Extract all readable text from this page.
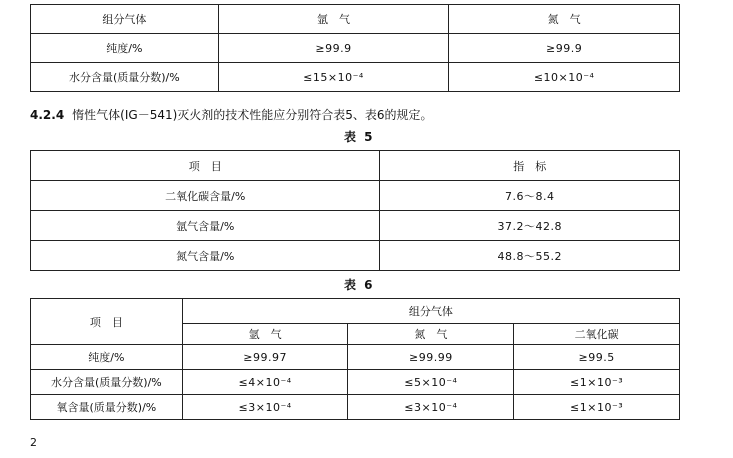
组分气体	氩　气	氮　气
纯度/%	≥99.9	≥99.9
水分含量(质量分数)/%	≤15×10⁻⁴	≤10×10⁻⁴
4.2.4 惰性气体(IG－541)灭火剂的技术性能应分别符合表5、表6的规定。
表 5
项　目	指　标
二氧化碳含量/%	7.6～8.4
氩气含量/%	37.2～42.8
氮气含量/%	48.8～55.2
表 6
项　目	组分气体		
	氩　气	氮　气	二氧化碳
纯度/%	≥99.97	≥99.99	≥99.5
水分含量(质量分数)/%	≤4×10⁻⁴	≤5×10⁻⁴	≤1×10⁻³
氧含量(质量分数)/%	≤3×10⁻⁴	≤3×10⁻⁴	≤1×10⁻³
2
